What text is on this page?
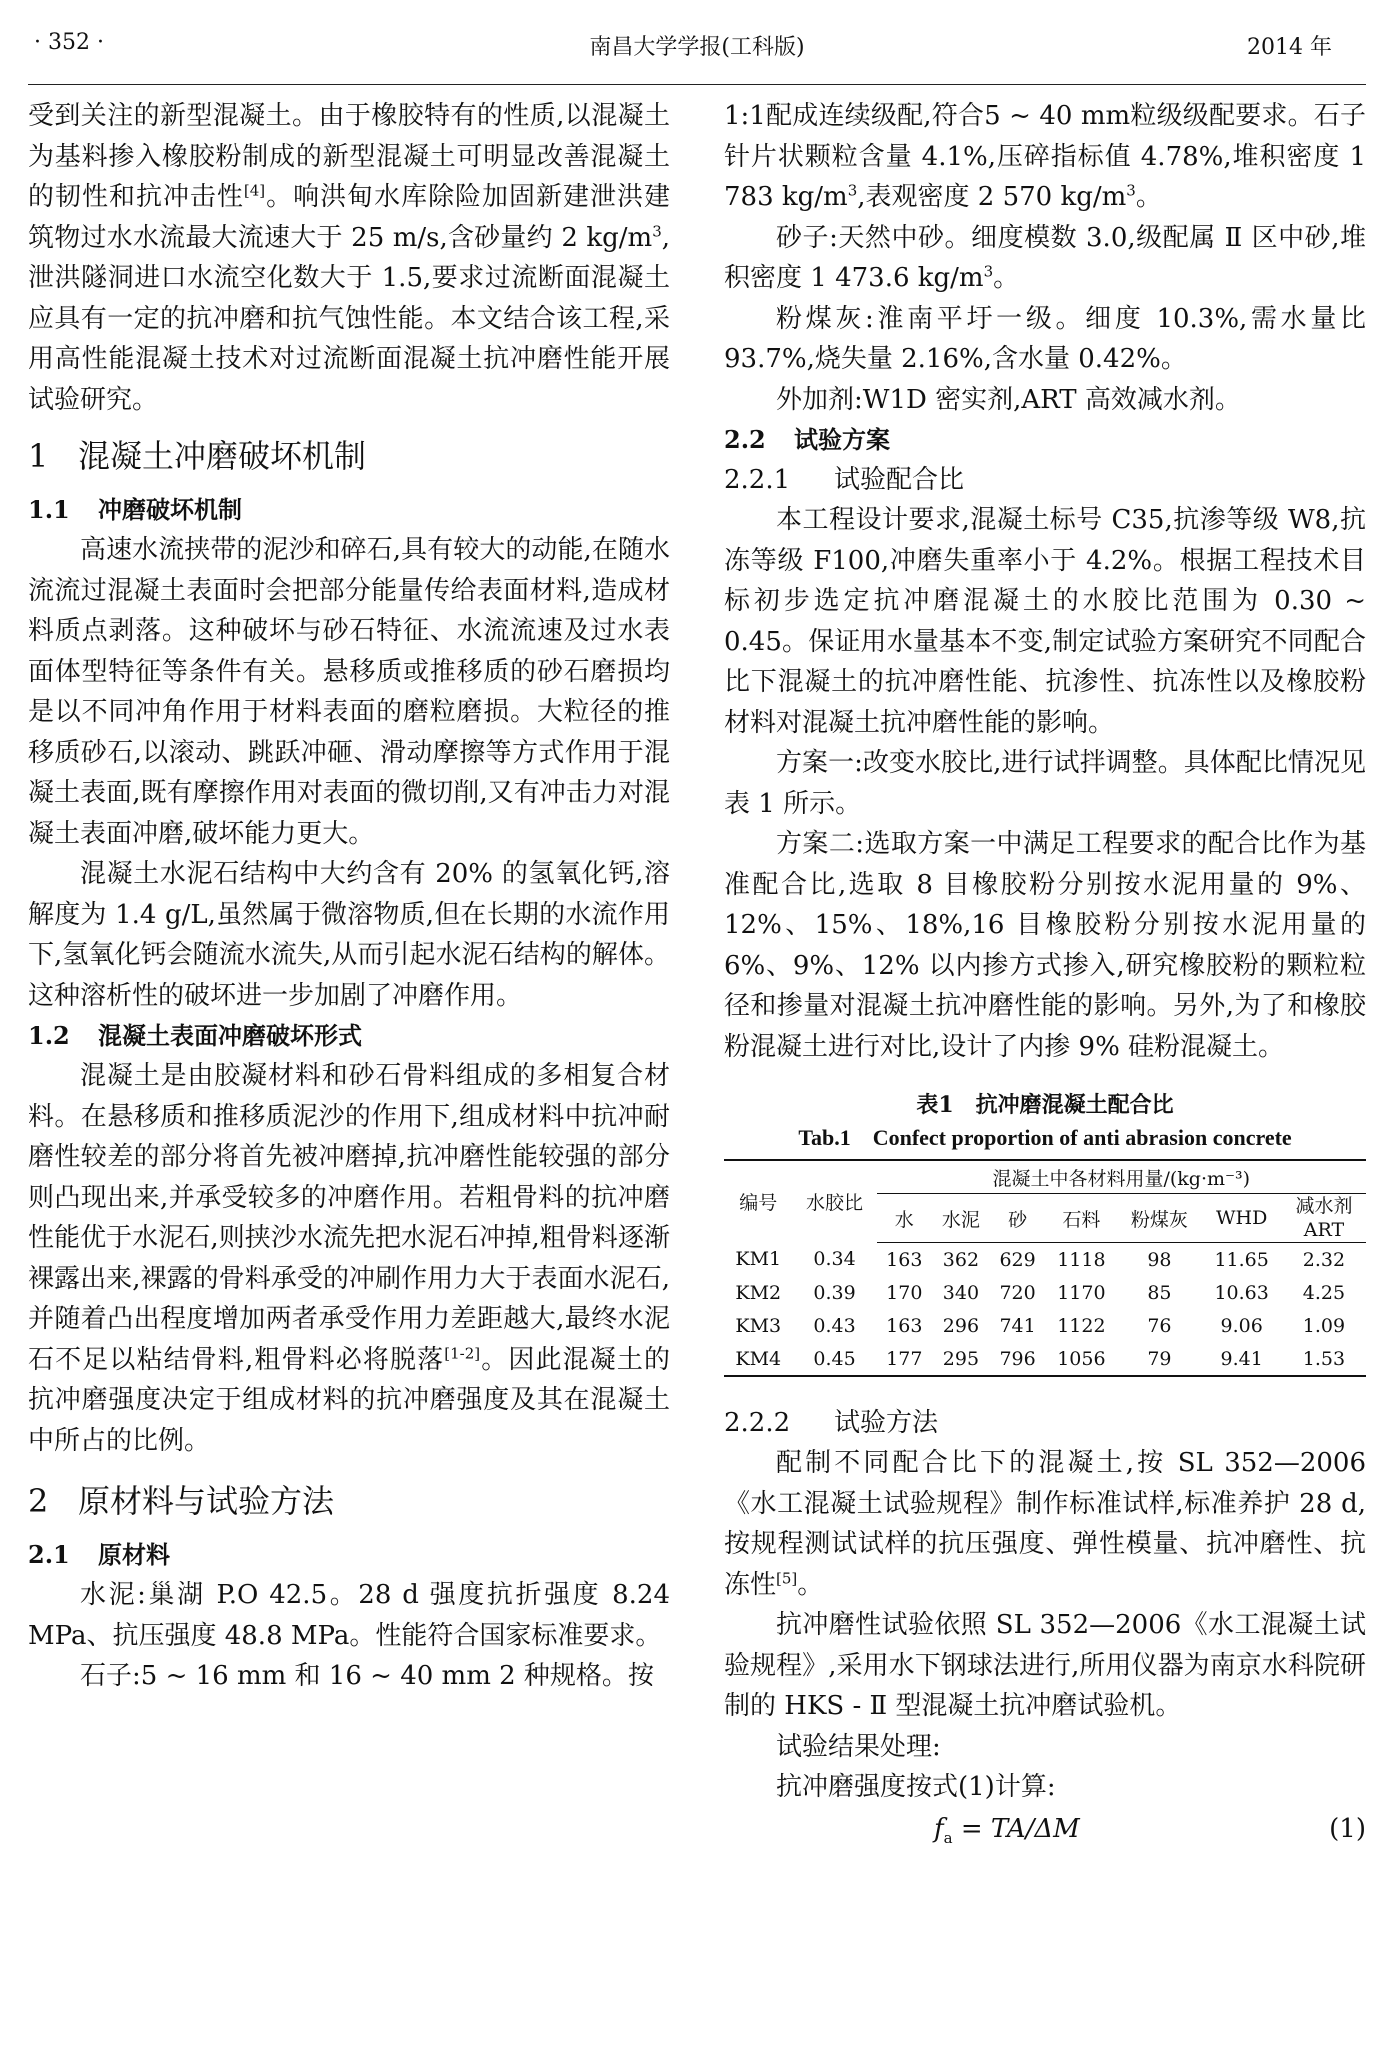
· 352 ·	南昌大学学报(工科版)	2014 年

受到关注的新型混凝土。由于橡胶特有的性质,以混凝土为基料掺入橡胶粉制成的新型混凝土可明显改善混凝土的韧性和抗冲击性[4]。响洪甸水库除险加固新建泄洪建筑物过水水流最大流速大于 25 m/s,含砂量约 2 $kg/m^3$,泄洪隧洞进口水流空化数大于 1.5,要求过流断面混凝土应具有一定的抗冲磨和抗气蚀性能。本文结合该工程,采用高性能混凝土技术对过流断面混凝土抗冲磨性能开展试验研究。

1 混凝土冲磨破坏机制
1.1 冲磨破坏机制

高速水流挟带的泥沙和碎石,具有较大的动能,在随水流流过混凝土表面时会把部分能量传给表面材料,造成材料质点剥落。这种破坏与砂石特征、水流流速及过水表面体型特征等条件有关。悬移质或推移质的砂石磨损均是以不同冲角作用于材料表面的磨粒磨损。大粒径的推移质砂石,以滚动、跳跃冲砸、滑动摩擦等方式作用于混凝土表面,既有摩擦作用对表面的微切削,又有冲击力对混凝土表面冲磨,破坏能力更大。

混凝土水泥石结构中大约含有 20% 的氢氧化钙,溶解度为 1.4 g/L,虽然属于微溶物质,但在长期的水流作用下,氢氧化钙会随流水流失,从而引起水泥石结构的解体。这种溶析性的破坏进一步加剧了冲磨作用。

1.2 混凝土表面冲磨破坏形式

混凝土是由胶凝材料和砂石骨料组成的多相复合材料。在悬移质和推移质泥沙的作用下,组成材料中抗冲耐磨性较差的部分将首先被冲磨掉,抗冲磨性能较强的部分则凸现出来,并承受较多的冲磨作用。若粗骨料的抗冲磨性能优于水泥石,则挟沙水流先把水泥石冲掉,粗骨料逐渐裸露出来,裸露的骨料承受的冲刷作用力大于表面水泥石,并随着凸出程度增加两者承受作用力差距越大,最终水泥石不足以粘结骨料,粗骨料必将脱落[1-2]。因此混凝土的抗冲磨强度决定于组成材料的抗冲磨强度及其在混凝土中所占的比例。

2 原材料与试验方法
2.1 原材料

水泥:巢湖 P.O 42.5。28 d 强度抗折强度 8.24 MPa、抗压强度 48.8 MPa。性能符合国家标准要求。

石子:5 ~ 16 mm 和 16 ~ 40 mm 2 种规格。按

1:1配成连续级配,符合5 ~ 40 mm粒级级配要求。石子针片状颗粒含量 4.1%,压碎指标值 4.78%,堆积密度 1 783 $kg/m^3$,表观密度 2 570 $kg/m^3$。

砂子:天然中砂。细度模数 3.0,级配属 Ⅱ 区中砂,堆积密度 1 473.6 $kg/m^3$。

粉煤灰:淮南平圩一级。细度 10.3%,需水量比 93.7%,烧失量 2.16%,含水量 0.42%。

外加剂:W1D 密实剂,ART 高效减水剂。

2.2 试验方案
2.2.1 试验配合比

本工程设计要求,混凝土标号 C35,抗渗等级 W8,抗冻等级 F100,冲磨失重率小于 4.2%。根据工程技术目标初步选定抗冲磨混凝土的水胶比范围为 0.30 ~ 0.45。保证用水量基本不变,制定试验方案研究不同配合比下混凝土的抗冲磨性能、抗渗性、抗冻性以及橡胶粉材料对混凝土抗冲磨性能的影响。

方案一:改变水胶比,进行试拌调整。具体配比情况见表 1 所示。

方案二:选取方案一中满足工程要求的配合比作为基准配合比,选取 8 目橡胶粉分别按水泥用量的 9%、12%、15%、18%,16 目橡胶粉分别按水泥用量的 6%、9%、12% 以内掺方式掺入,研究橡胶粉的颗粒粒径和掺量对混凝土抗冲磨性能的影响。另外,为了和橡胶粉混凝土进行对比,设计了内掺 9% 硅粉混凝土。

表1　抗冲磨混凝土配合比
Tab.1　Confect proportion of anti abrasion concrete
编号	水胶比	混凝土中各材料用量/(kg·m⁻³)						
		水	水泥	砂	石料	粉煤灰	WHD	减水剂
ART
KM1	0.34	163	362	629	1118	98	11.65	2.32
KM2	0.39	170	340	720	1170	85	10.63	4.25
KM3	0.43	163	296	741	1122	76	9.06	1.09
KM4	0.45	177	295	796	1056	79	9.41	1.53
2.2.2 试验方法

配制不同配合比下的混凝土,按 SL 352—2006《水工混凝土试验规程》制作标准试样,标准养护 28 d,按规程测试试样的抗压强度、弹性模量、抗冲磨性、抗冻性[5]。

抗冲磨性试验依照 SL 352—2006《水工混凝土试验规程》,采用水下钢球法进行,所用仪器为南京水科院研制的 HKS - Ⅱ 型混凝土抗冲磨试验机。

试验结果处理:

抗冲磨强度按式(1)计算:

$f_a = TA/\Delta M$	(1)
